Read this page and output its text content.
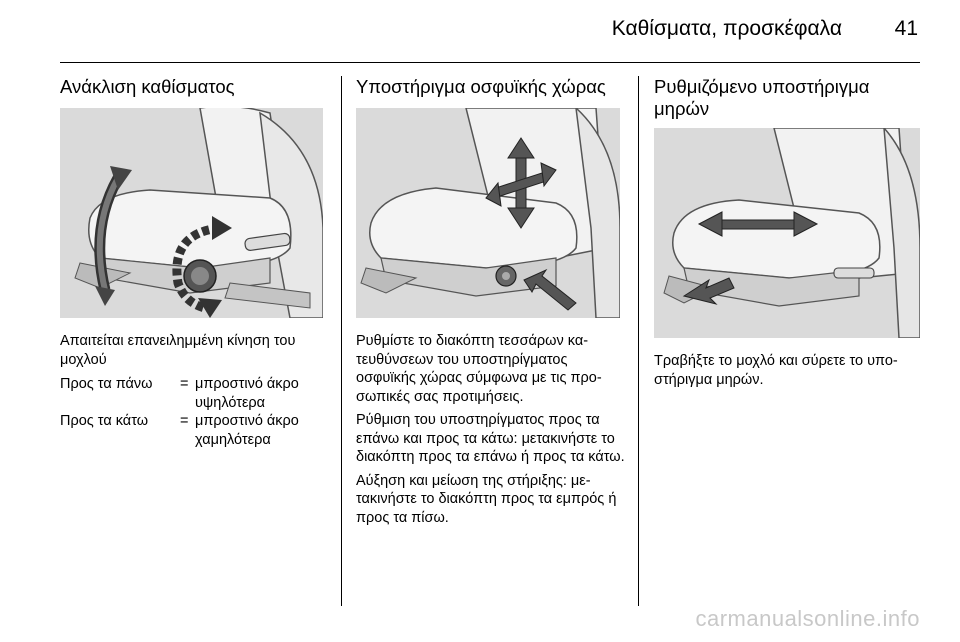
Καθίσματα, προσκέφαλα	41
Ανάκλιση καθίσματος

Απαιτείται επανειλημμένη κίνηση του μοχλού

Προς τα πάνω = μπροστινό άκρο
υψηλότερα
Προς τα κάτω = μπροστινό άκρο
χαμηλότερα
Υποστήριγμα οσφυϊκής χώρας

Ρυθμίστε το διακόπτη τεσσάρων κα-τευθύνσεων του υποστηρίγματος οσφυϊκής χώρας σύμφωνα με τις προ-σωπικές σας προτιμήσεις.

Ρύθμιση του υποστηρίγματος προς τα επάνω και προς τα κάτω: μετακινήστε το διακόπτη προς τα επάνω ή προς τα κάτω.

Αύξηση και μείωση της στήριξης: με-τακινήστε το διακόπτη προς τα εμπρός ή προς τα πίσω.

Ρυθμιζόμενο υποστήριγμα μηρών

Τραβήξτε το μοχλό και σύρετε το υπο-στήριγμα μηρών.

carmanualsonline.info
